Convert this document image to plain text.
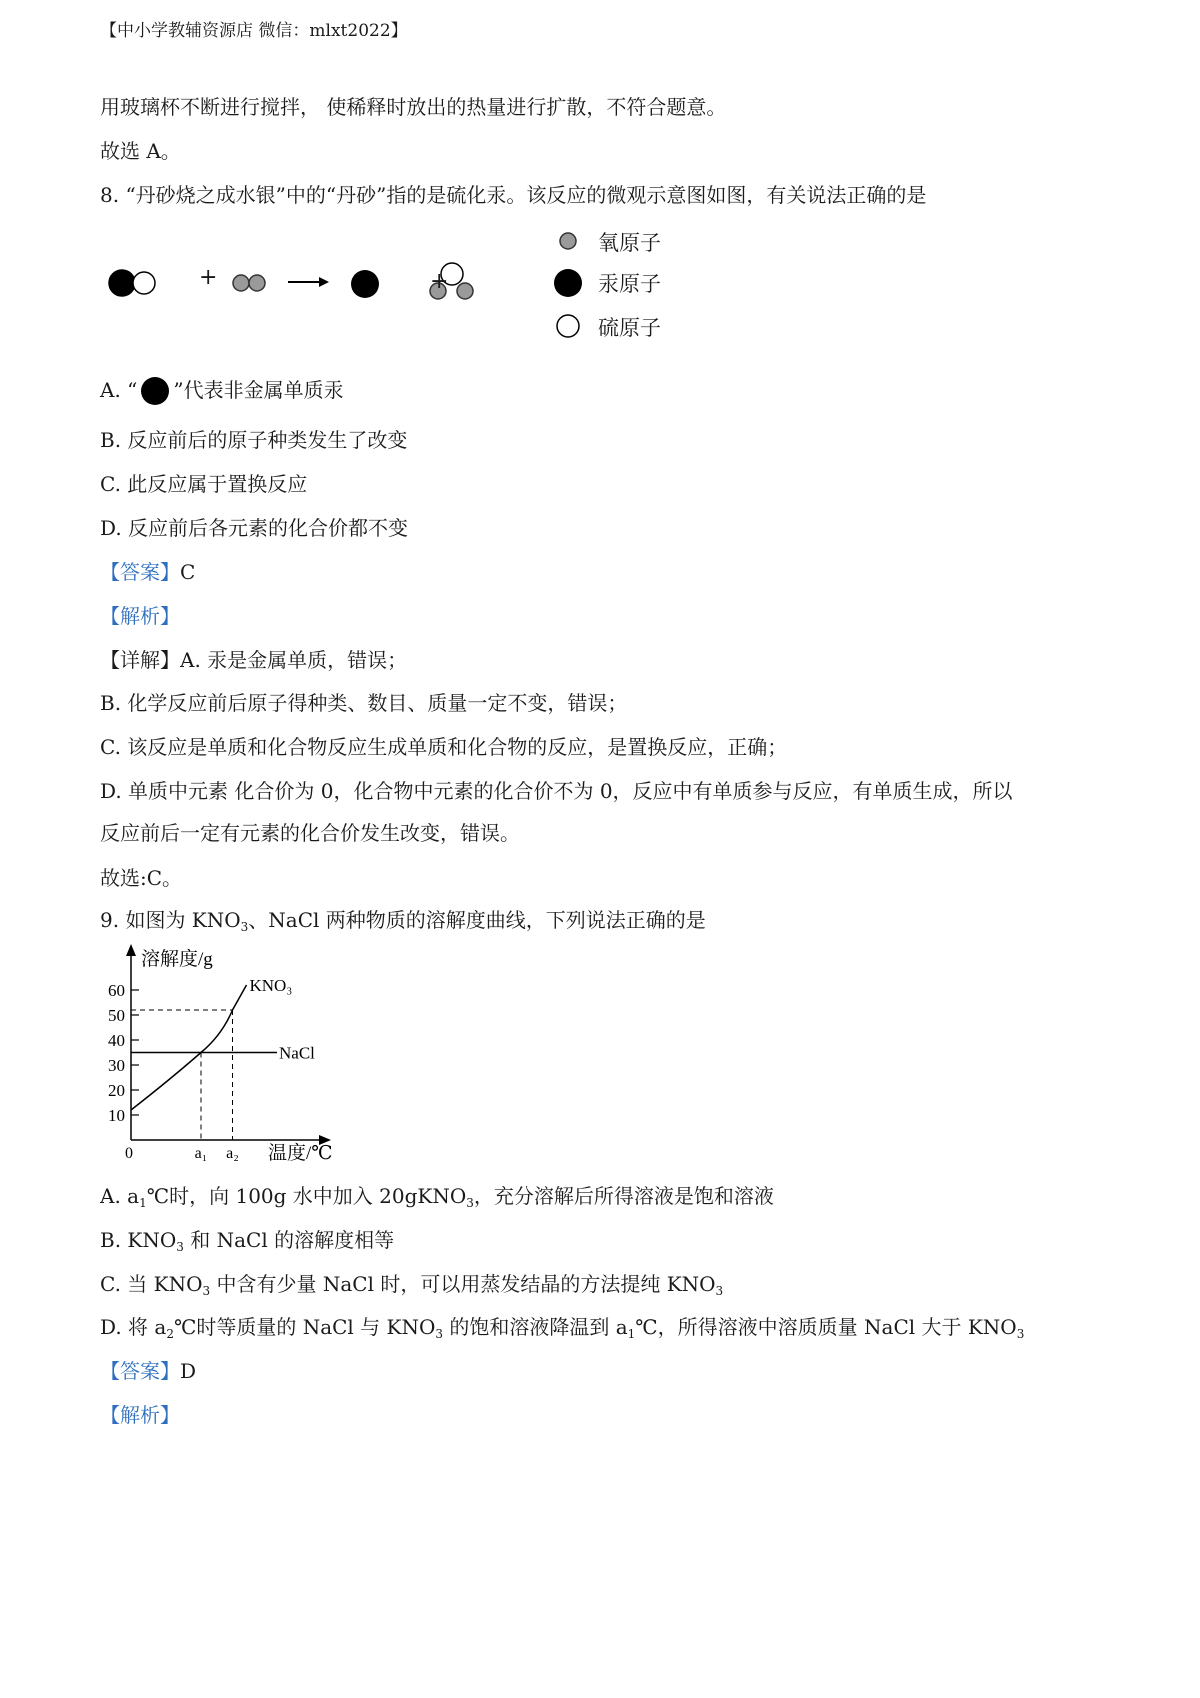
【中小学教辅资源店 微信：mlxt2022】
用玻璃杯不断进行搅拌， 使稀释时放出的热量进行扩散，不符合题意。
故选 A。
8. “丹砂烧之成水银”中的“丹砂”指的是硫化汞。该反应的微观示意图如图，有关说法正确的是
+	+
氧原子
汞原子
硫原子
A. “ ”代表非金属单质汞
B. 反应前后的原子种类发生了改变
C. 此反应属于置换反应
D. 反应前后各元素的化合价都不变
【答案】C
【解析】
【详解】A. 汞是金属单质，错误；
B. 化学反应前后原子得种类、数目、质量一定不变，错误；
C. 该反应是单质和化合物反应生成单质和化合物的反应，是置换反应，正确；
D. 单质中元素 化合价为 0，化合物中元素的化合价不为 0，反应中有单质参与反应，有单质生成，所以
反应前后一定有元素的化合价发生改变，错误。
故选:C。
9. 如图为 $KNO_3$、NaCl 两种物质的溶解度曲线，下列说法正确的是
10
20
30
40
50
60
0	a₁ a₂
溶解度/g
温度/℃
KNO₃
NaCl
A. $a_1℃$时，向 100g 水中加入 20gKNO$_3$，充分溶解后所得溶液是饱和溶液
B. $KNO_3$ 和 NaCl 的溶解度相等
C. 当 $KNO_3$ 中含有少量 NaCl 时，可以用蒸发结晶的方法提纯 $KNO_3$
D. 将 $a_2℃$时等质量的 NaCl 与 $KNO_3$ 的饱和溶液降温到 $a_1℃$，所得溶液中溶质质量 NaCl 大于 $KNO_3$
【答案】D
【解析】
